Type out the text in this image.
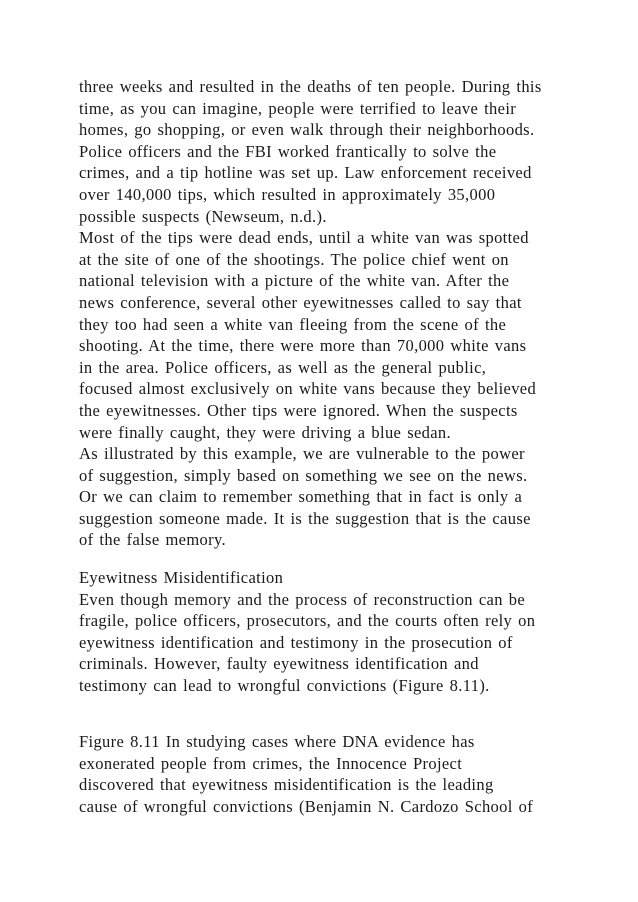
three weeks and resulted in the deaths of ten people. During this
time, as you can imagine, people were terrified to leave their
homes, go shopping, or even walk through their neighborhoods.
Police officers and the FBI worked frantically to solve the
crimes, and a tip hotline was set up. Law enforcement received
over 140,000 tips, which resulted in approximately 35,000
possible suspects (Newseum, n.d.).
Most of the tips were dead ends, until a white van was spotted
at the site of one of the shootings. The police chief went on
national television with a picture of the white van. After the
news conference, several other eyewitnesses called to say that
they too had seen a white van fleeing from the scene of the
shooting. At the time, there were more than 70,000 white vans
in the area. Police officers, as well as the general public,
focused almost exclusively on white vans because they believed
the eyewitnesses. Other tips were ignored. When the suspects
were finally caught, they were driving a blue sedan.
As illustrated by this example, we are vulnerable to the power
of suggestion, simply based on something we see on the news.
Or we can claim to remember something that in fact is only a
suggestion someone made. It is the suggestion that is the cause
of the false memory.
Eyewitness Misidentification
Even though memory and the process of reconstruction can be
fragile, police officers, prosecutors, and the courts often rely on
eyewitness identification and testimony in the prosecution of
criminals. However, faulty eyewitness identification and
testimony can lead to wrongful convictions (Figure 8.11).
Figure 8.11 In studying cases where DNA evidence has
exonerated people from crimes, the Innocence Project
discovered that eyewitness misidentification is the leading
cause of wrongful convictions (Benjamin N. Cardozo School of
